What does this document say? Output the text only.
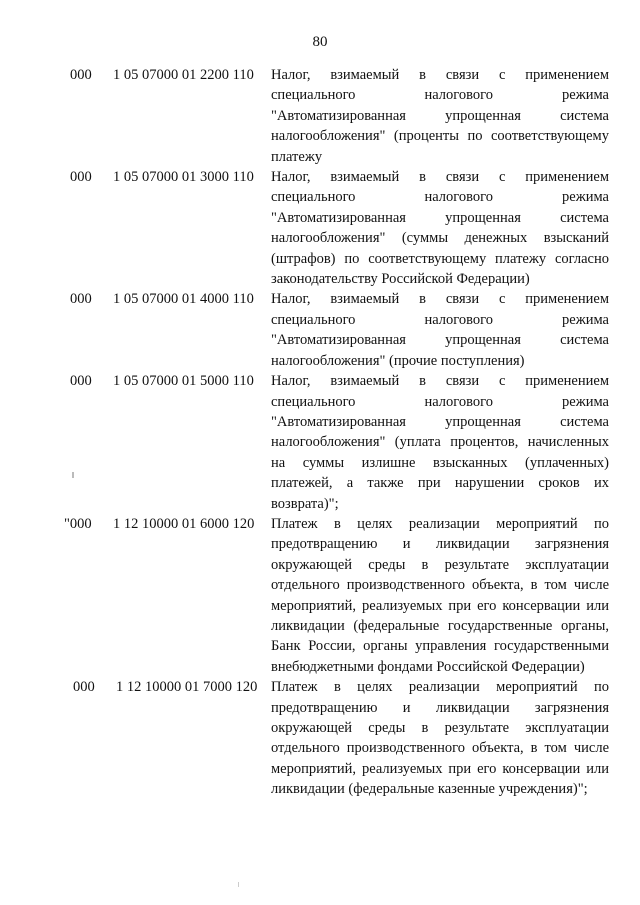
80
000	1 05 07000 01 2200 110	Налог,   взимаемый   в   связи   с   применением
специального налогового режима
"Автоматизированная упрощенная система
налогообложения" (проценты по соответствующему
платежу
000	1 05 07000 01 3000 110	Налог,   взимаемый   в   связи   с   применением
специального налогового режима
"Автоматизированная упрощенная система
налогообложения" (суммы денежных взысканий
(штрафов) по соответствующему платежу согласно
законодательству Российской Федерации)
000	1 05 07000 01 4000 110	Налог,   взимаемый   в   связи   с   применением
специального налогового режима
"Автоматизированная упрощенная система
налогообложения" (прочие поступления)
000	1 05 07000 01 5000 110	Налог,   взимаемый   в   связи   с   применением
специального налогового режима
"Автоматизированная упрощенная система
налогообложения" (уплата процентов, начисленных
на суммы излишне взысканных (уплаченных)
платежей, а также при нарушении сроков их
возврата)";
"000	1 12 10000 01 6000 120	Платеж в целях реализации мероприятий по
предотвращению и ликвидации загрязнения
окружающей среды в результате эксплуатации
отдельного производственного объекта, в том числе
мероприятий, реализуемых при его консервации или
ликвидации (федеральные государственные органы,
Банк России, органы управления государственными
внебюджетными фондами Российской Федерации)
000	1 12 10000 01 7000 120 Платеж в целях реализации мероприятий по
предотвращению и ликвидации загрязнения
окружающей среды в результате эксплуатации
отдельного производственного объекта, в том числе
мероприятий, реализуемых при его консервации или
ликвидации (федеральные казенные учреждения)";
